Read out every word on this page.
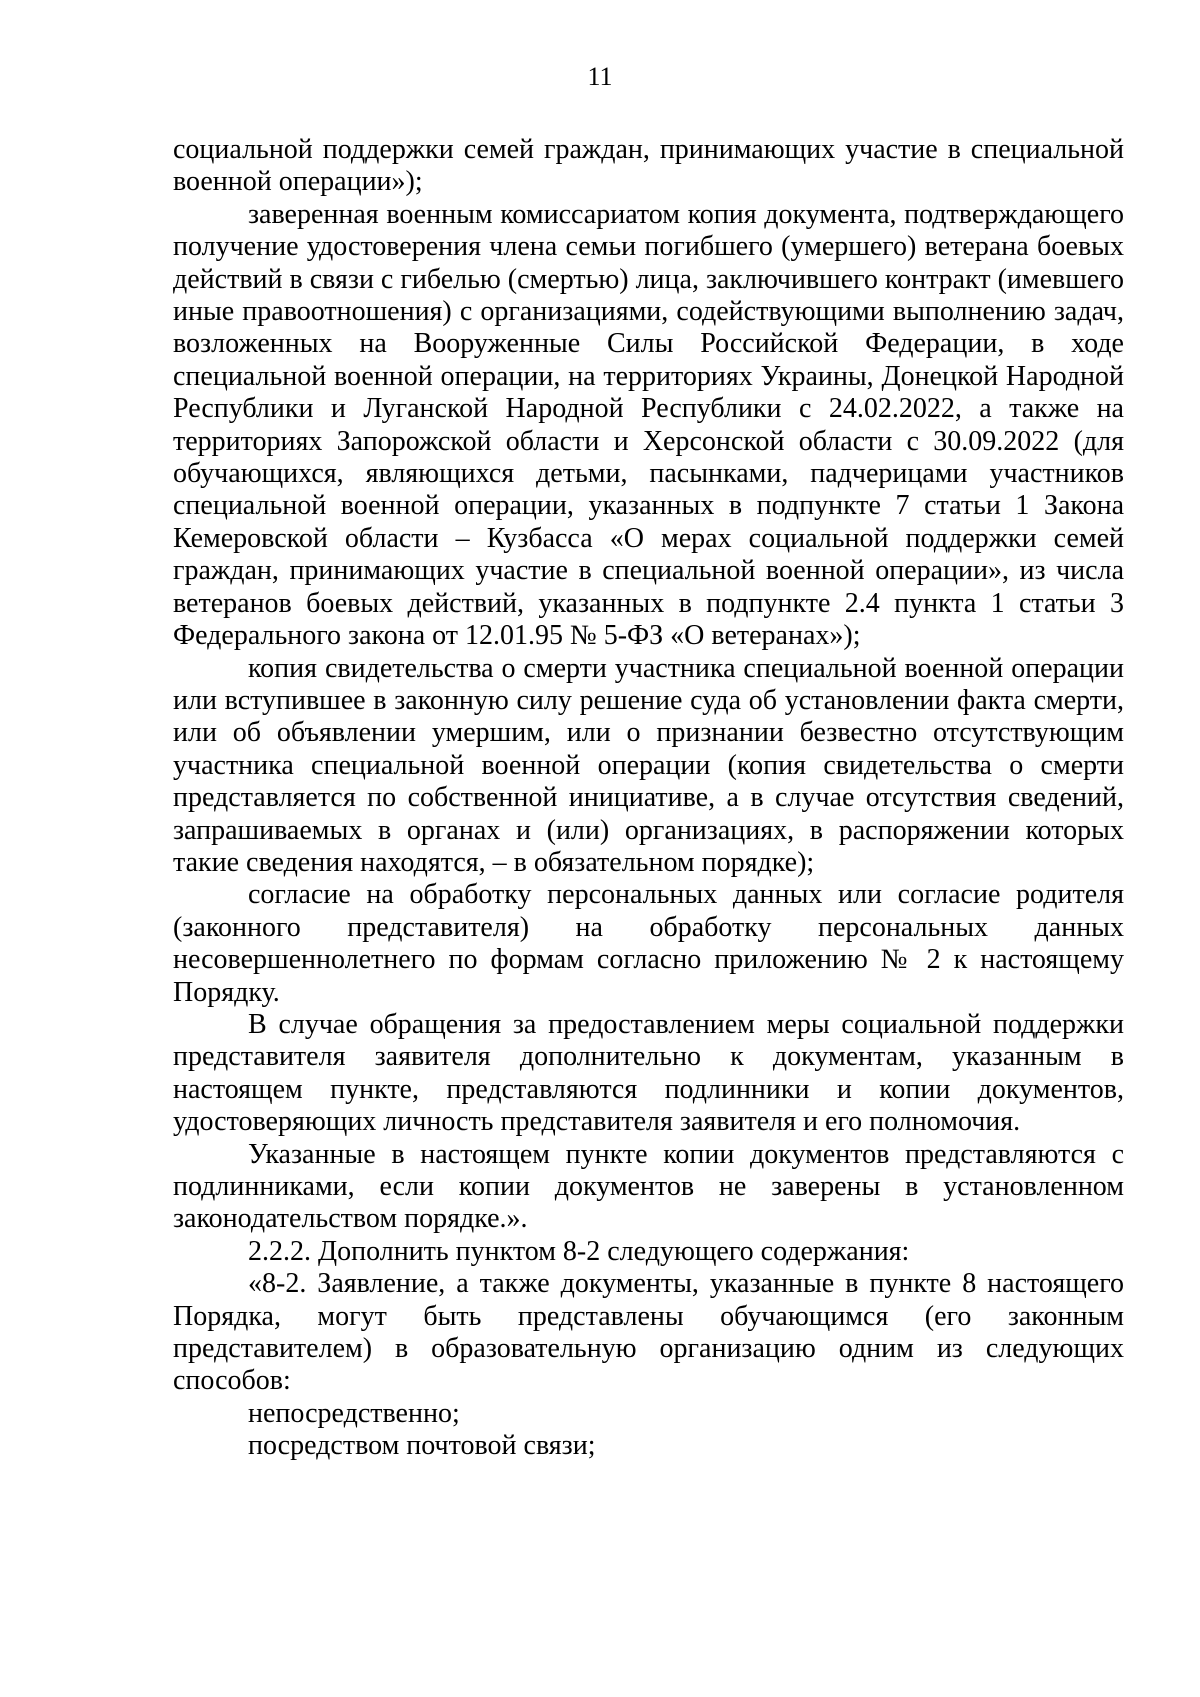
11

социальной поддержки семей граждан, принимающих участие в специальной военной операции»);

заверенная военным комиссариатом копия документа, подтверждающего получение удостоверения члена семьи погибшего (умершего) ветерана боевых действий в связи с гибелью (смертью) лица, заключившего контракт (имевшего иные правоотношения) с организациями, содействующими выполнению задач, возложенных на Вооруженные Силы Российской Федерации, в ходе специальной военной операции, на территориях Украины, Донецкой Народной Республики и Луганской Народной Республики с 24.02.2022, а также на территориях Запорожской области и Херсонской области с 30.09.2022 (для обучающихся, являющихся детьми, пасынками, падчерицами участников специальной военной операции, указанных в подпункте 7 статьи 1 Закона Кемеровской области – Кузбасса «О мерах социальной поддержки семей граждан, принимающих участие в специальной военной операции», из числа ветеранов боевых действий, указанных в подпункте 2.4 пункта 1 статьи 3 Федерального закона от 12.01.95 № 5-ФЗ «О ветеранах»);

копия свидетельства о смерти участника специальной военной операции или вступившее в законную силу решение суда об установлении факта смерти, или об объявлении умершим, или о признании безвестно отсутствующим участника специальной военной операции (копия свидетельства о смерти представляется по собственной инициативе, а в случае отсутствия сведений, запрашиваемых в органах и (или) организациях, в распоряжении которых такие сведения находятся, – в обязательном порядке);

согласие на обработку персональных данных или согласие родителя (законного представителя) на обработку персональных данных несовершеннолетнего по формам согласно приложению № 2 к настоящему Порядку.

В случае обращения за предоставлением меры социальной поддержки представителя заявителя дополнительно к документам, указанным в настоящем пункте, представляются подлинники и копии документов, удостоверяющих личность представителя заявителя и его полномочия.

Указанные в настоящем пункте копии документов представляются с подлинниками, если копии документов не заверены в установленном законодательством порядке.».

2.2.2. Дополнить пунктом 8-2 следующего содержания:

«8-2. Заявление, а также документы, указанные в пункте 8 настоящего Порядка, могут быть представлены обучающимся (его законным представителем) в образовательную организацию одним из следующих способов:

непосредственно;

посредством почтовой связи;
